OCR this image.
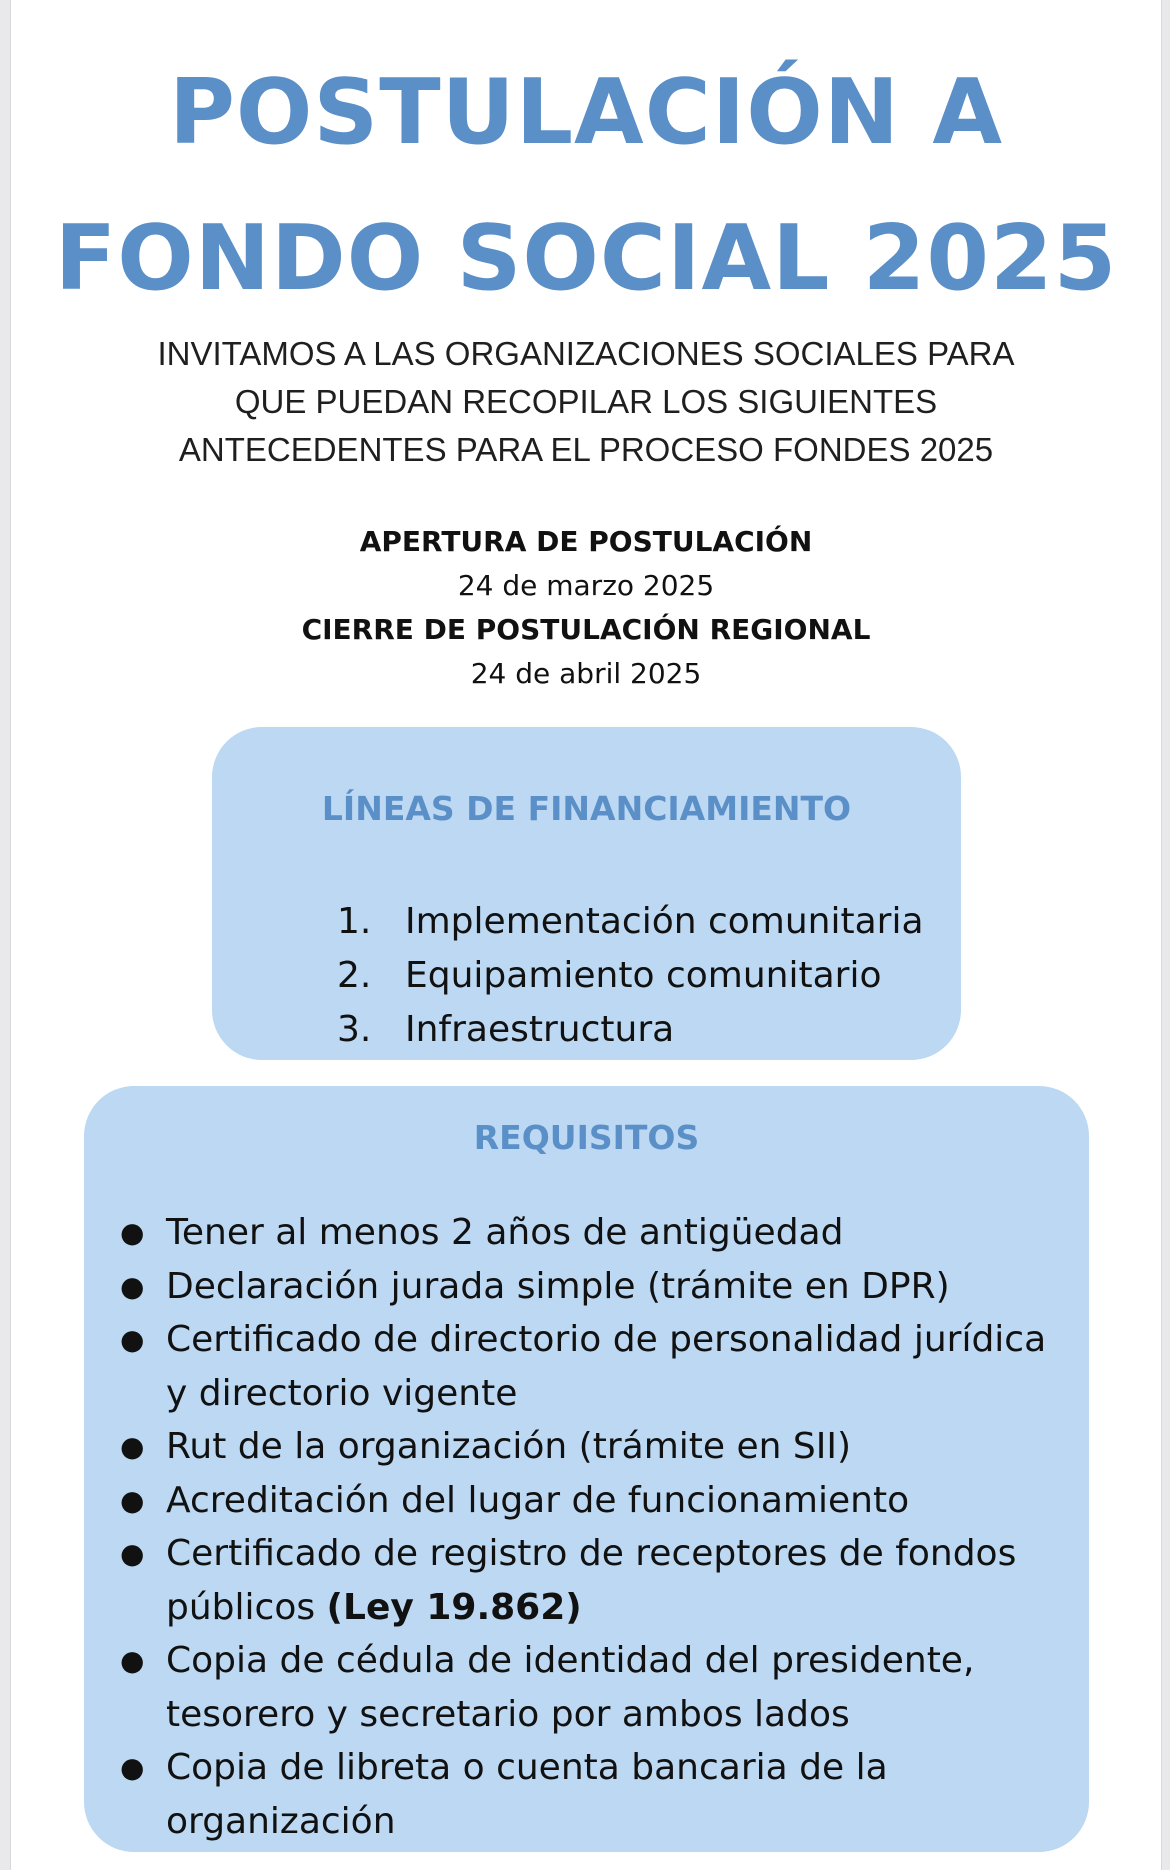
POSTULACIÓN A
FONDO SOCIAL 2025
INVITAMOS A LAS ORGANIZACIONES SOCIALES PARA
QUE PUEDAN RECOPILAR LOS SIGUIENTES
ANTECEDENTES PARA EL PROCESO FONDES 2025
APERTURA DE POSTULACIÓN
24 de marzo 2025
CIERRE DE POSTULACIÓN REGIONAL
24 de abril 2025
LÍNEAS DE FINANCIAMIENTO
1. Implementación comunitaria
2. Equipamiento comunitario
3. Infraestructura
REQUISITOS
● Tener al menos 2 años de antigüedad
● Declaración jurada simple (trámite en DPR)
● Certificado de directorio de personalidad jurídica y directorio vigente
● Rut de la organización (trámite en SII)
● Acreditación del lugar de funcionamiento
● Certificado de registro de receptores de fondos públicos (Ley 19.862)
● Copia de cédula de identidad del presidente, tesorero y secretario por ambos lados
● Copia de libreta o cuenta bancaria de la organización
